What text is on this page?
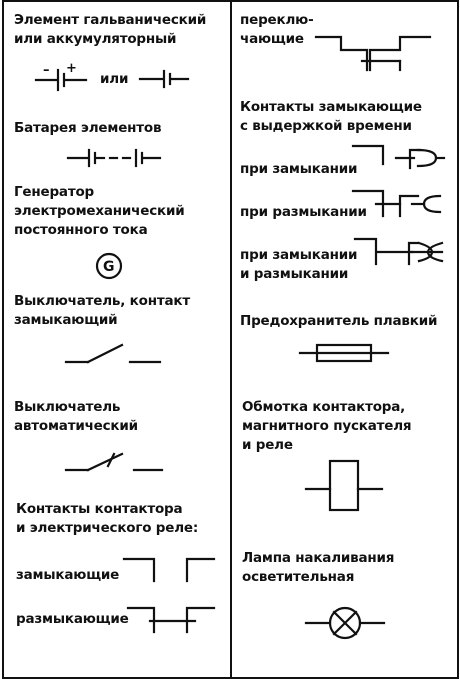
Элемент гальванический
или аккумуляторный
или
– +
Батарея элементов
Генератор
электромеханический
постоянного тока
G
Выключатель, контакт
замыкающий
Выключатель
автоматический
Контакты контактора
и электрического реле:
замыкающие
размыкающие
переклю-
чающие
Контакты замыкающие
с выдержкой времени
при замыкании
при размыкании
при замыкании
и размыкании
Предохранитель плавкий
Обмотка контактора,
магнитного пускателя
и реле
Лампа накаливания
осветительная
